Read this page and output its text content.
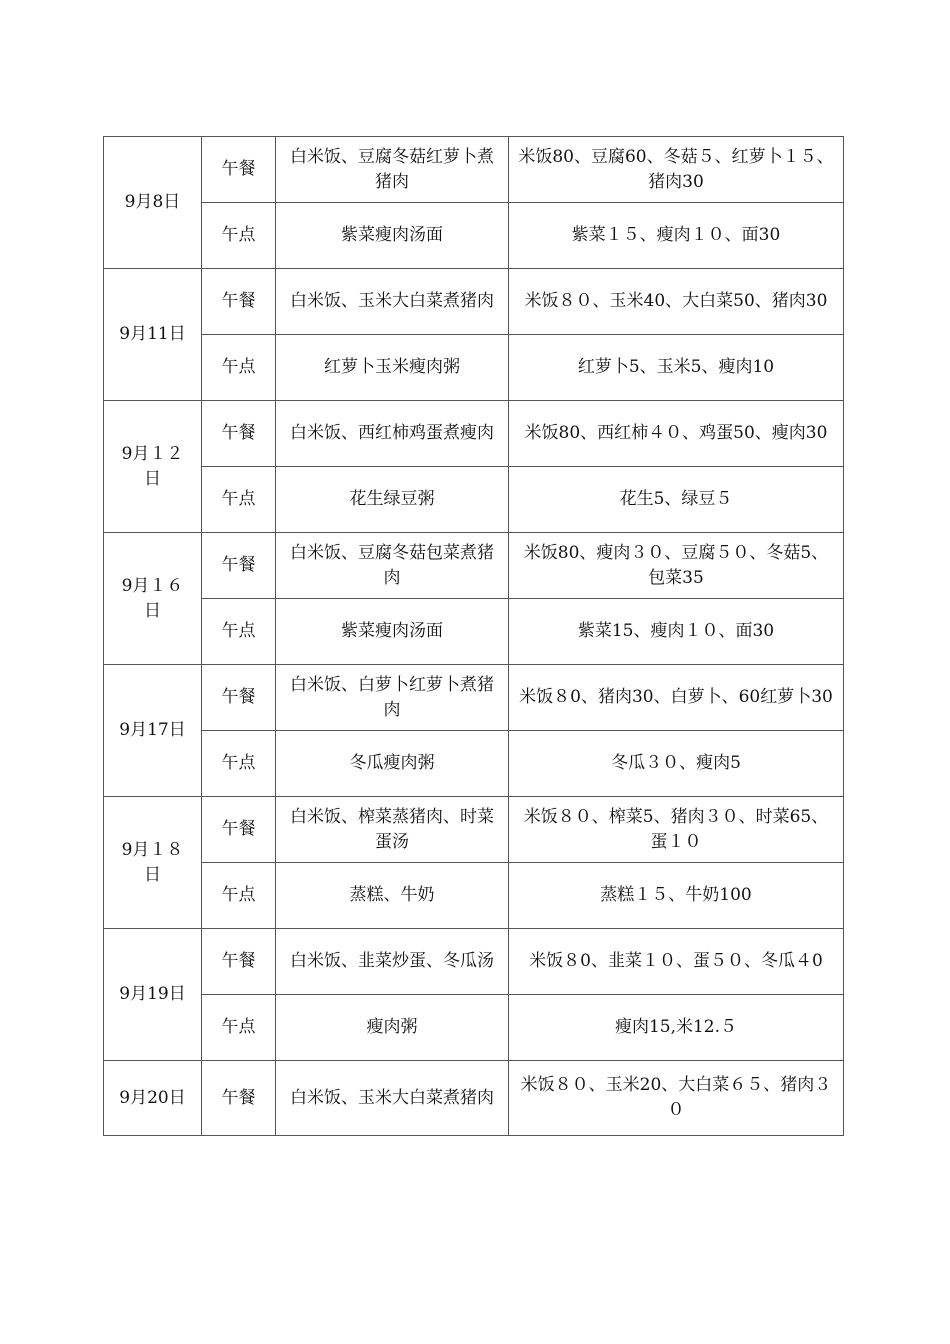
9月8日	午餐	白米饭、豆腐冬菇红萝卜煮猪肉	米饭80、豆腐60、冬菇５、红萝卜１５、猪肉30
	午点	紫菜瘦肉汤面	紫菜１５、瘦肉１０、面30
9月11日	午餐	白米饭、玉米大白菜煮猪肉	米饭８０、玉米40、大白菜50、猪肉30
	午点	红萝卜玉米瘦肉粥	红萝卜5、玉米5、瘦肉10
9月１２日	午餐	白米饭、西红柿鸡蛋煮瘦肉	米饭80、西红柿４０、鸡蛋50、瘦肉30
	午点	花生绿豆粥	花生5、绿豆５
9月１６日	午餐	白米饭、豆腐冬菇包菜煮猪肉	米饭80、瘦肉３０、豆腐５０、冬菇5、包菜35
	午点	紫菜瘦肉汤面	紫菜15、瘦肉１０、面30
9月17日	午餐	白米饭、白萝卜红萝卜煮猪肉	米饭８0、猪肉30、白萝卜、60红萝卜30
	午点	冬瓜瘦肉粥	冬瓜３０、瘦肉5
9月１８日	午餐	白米饭、榨菜蒸猪肉、时菜蛋汤	米饭８０、榨菜5、猪肉３０、时菜65、蛋１０
	午点	蒸糕、牛奶	蒸糕１５、牛奶100
9月19日	午餐	白米饭、韭菜炒蛋、冬瓜汤	米饭８0、韭菜１０、蛋５０、冬瓜４0
	午点	瘦肉粥	瘦肉15,米12.５
9月20日	午餐	白米饭、玉米大白菜煮猪肉	米饭８０、玉米20、大白菜６５、猪肉３０
